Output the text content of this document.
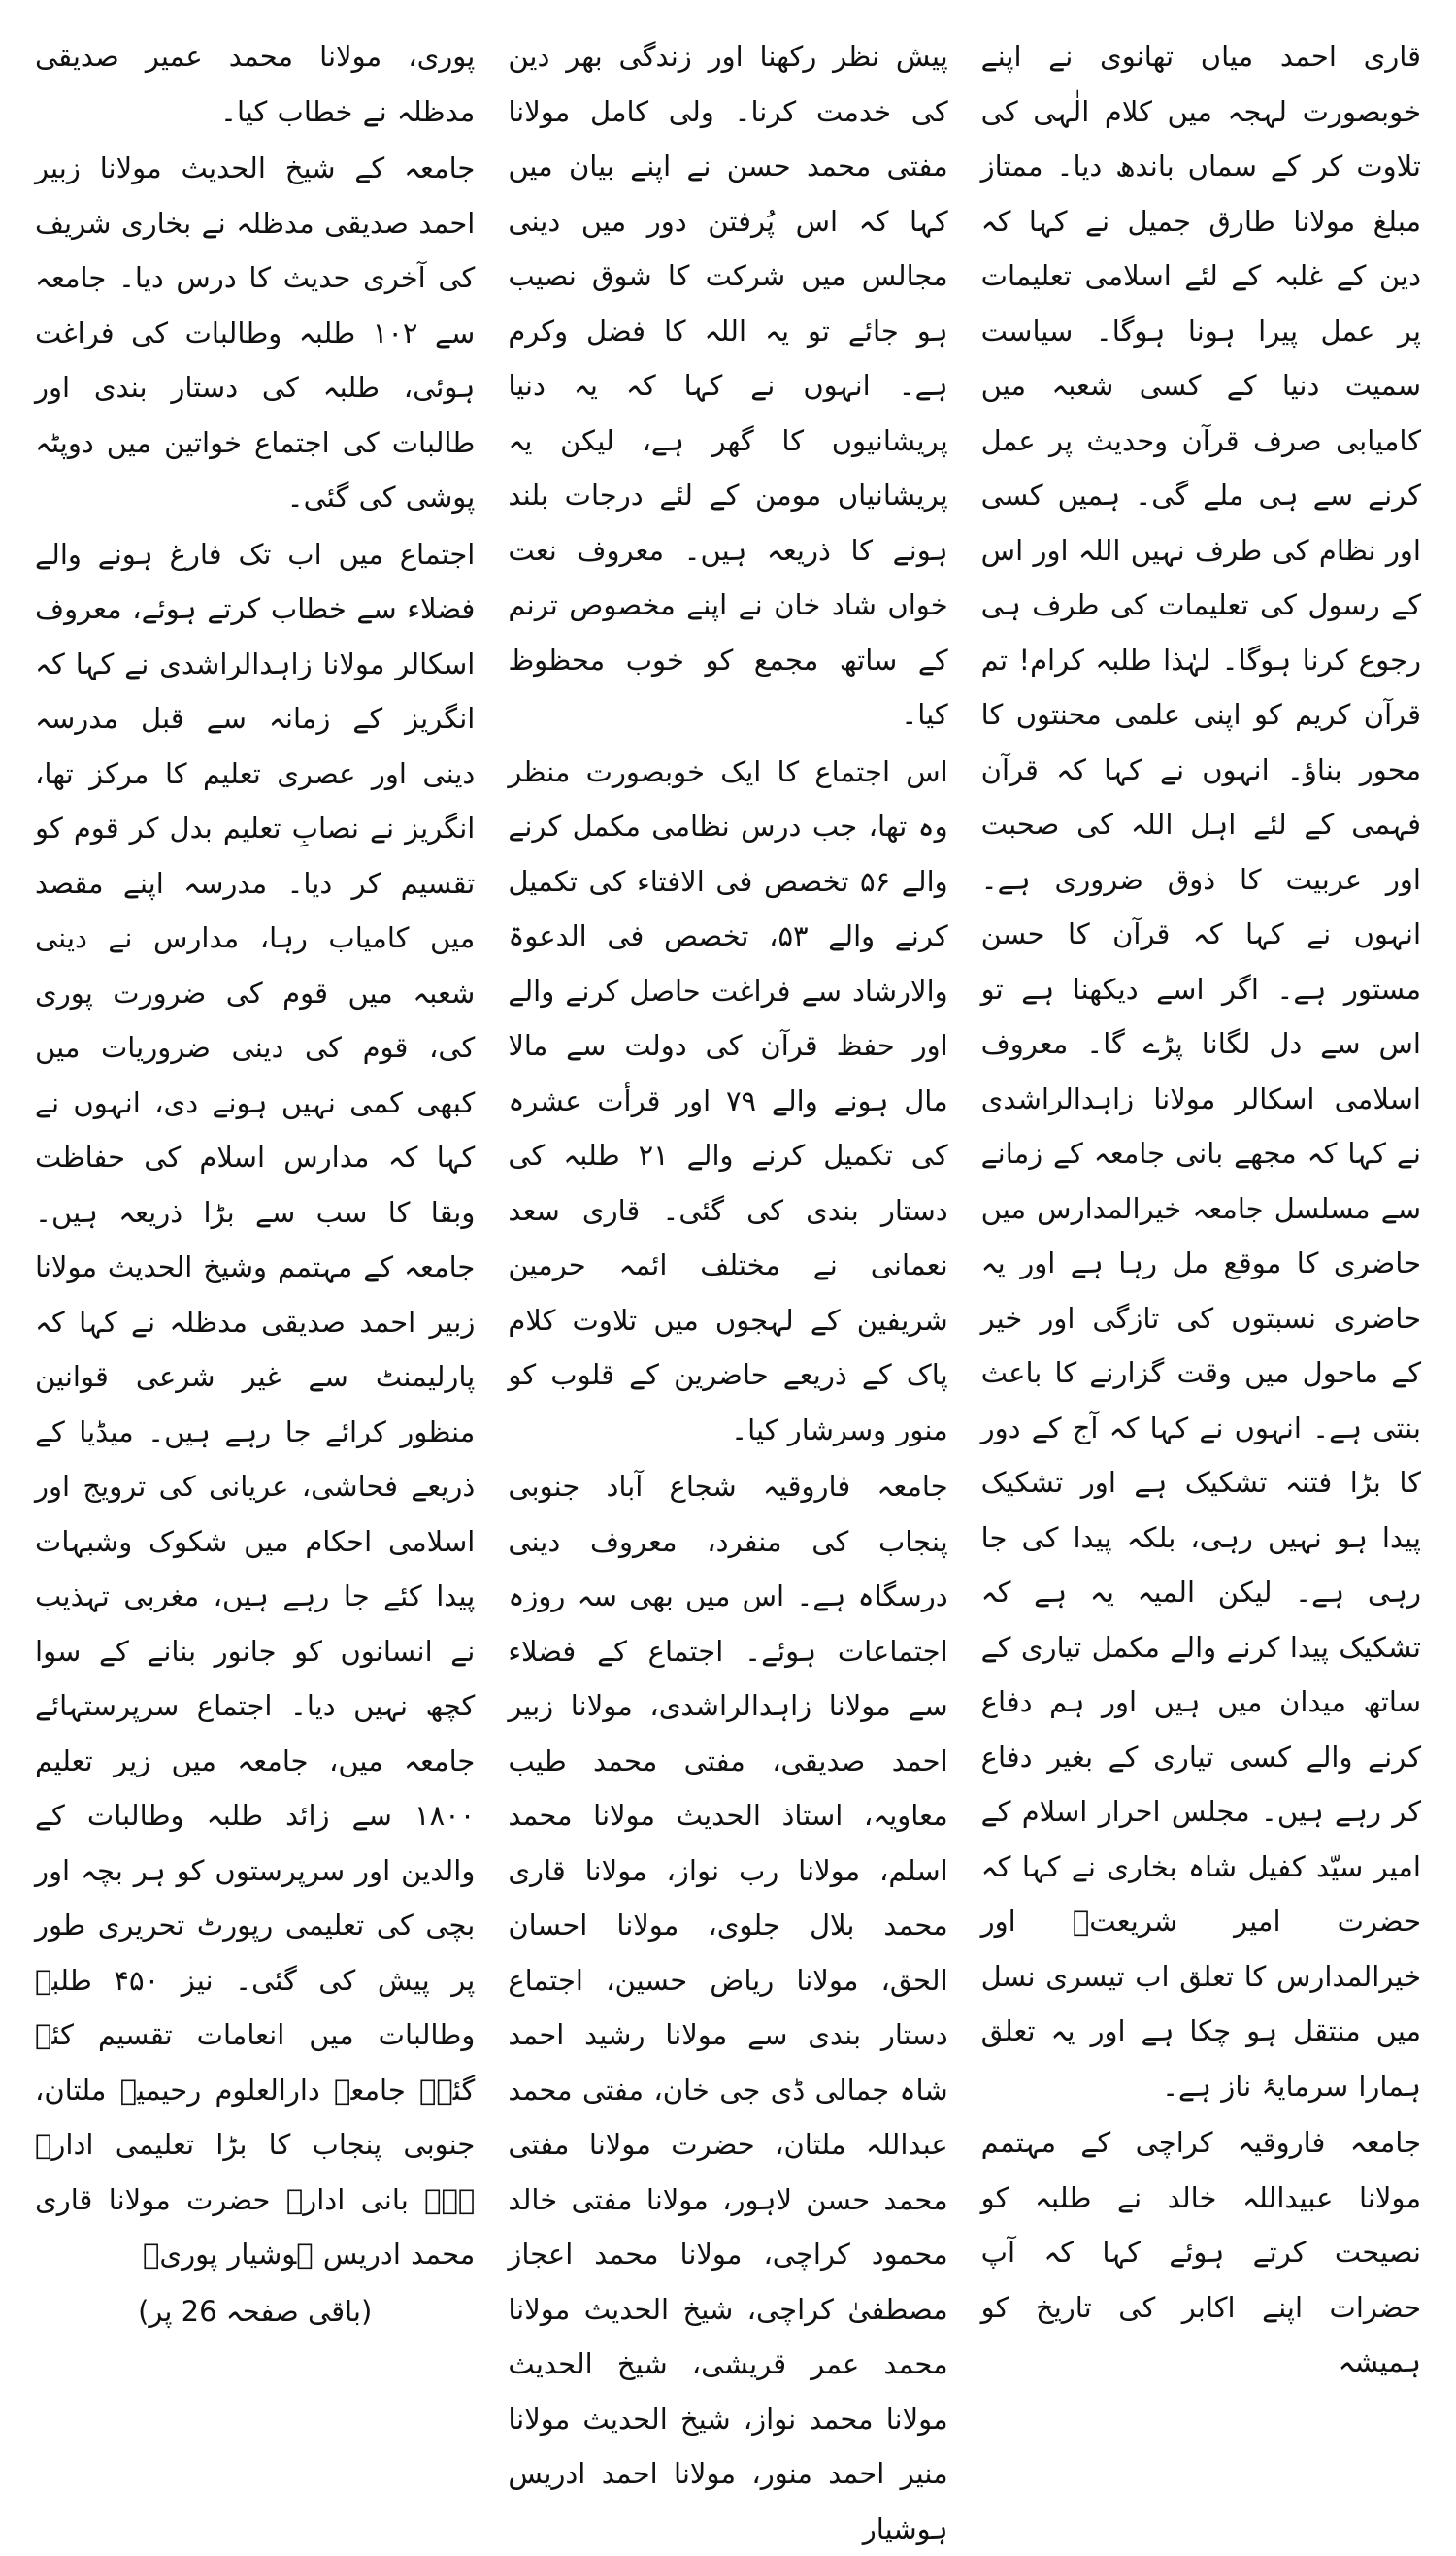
قاری احمد میاں تھانوی نے اپنے خوبصورت لہجہ میں کلام الٰہی کی تلاوت کر کے سماں باندھ دیا۔ ممتاز مبلغ مولانا طارق جمیل نے کہا کہ دین کے غلبہ کے لئے اسلامی تعلیمات پر عمل پیرا ہونا ہوگا۔ سیاست سمیت دنیا کے کسی شعبہ میں کامیابی صرف قرآن وحدیث پر عمل کرنے سے ہی ملے گی۔ ہمیں کسی اور نظام کی طرف نہیں اللہ اور اس کے رسول کی تعلیمات کی طرف ہی رجوع کرنا ہوگا۔ لہٰذا طلبہ کرام! تم قرآن کریم کو اپنی علمی محنتوں کا محور بناؤ۔ انہوں نے کہا کہ قرآن فہمی کے لئے اہل اللہ کی صحبت اور عربیت کا ذوق ضروری ہے۔ انہوں نے کہا کہ قرآن کا حسن مستور ہے۔ اگر اسے دیکھنا ہے تو اس سے دل لگانا پڑے گا۔ معروف اسلامی اسکالر مولانا زاہدالراشدی نے کہا کہ مجھے بانی جامعہ کے زمانے سے مسلسل جامعہ خیرالمدارس میں حاضری کا موقع مل رہا ہے اور یہ حاضری نسبتوں کی تازگی اور خیر کے ماحول میں وقت گزارنے کا باعث بنتی ہے۔ انہوں نے کہا کہ آج کے دور کا بڑا فتنہ تشکیک ہے اور تشکیک پیدا ہو نہیں رہی، بلکہ پیدا کی جا رہی ہے۔ لیکن المیہ یہ ہے کہ تشکیک پیدا کرنے والے مکمل تیاری کے ساتھ میدان میں ہیں اور ہم دفاع کرنے والے کسی تیاری کے بغیر دفاع کر رہے ہیں۔ مجلس احرار اسلام کے امیر سیّد کفیل شاہ بخاری نے کہا کہ حضرت امیر شریعتؒ اور خیرالمدارس کا تعلق اب تیسری نسل میں منتقل ہو چکا ہے اور یہ تعلق ہمارا سرمایۂ ناز ہے۔

جامعہ فاروقیہ کراچی کے مہتمم مولانا عبیداللہ خالد نے طلبہ کو نصیحت کرتے ہوئے کہا کہ آپ حضرات اپنے اکابر کی تاریخ کو ہمیشہ

پیش نظر رکھنا اور زندگی بھر دین کی خدمت کرنا۔ ولی کامل مولانا مفتی محمد حسن نے اپنے بیان میں کہا کہ اس پُرفتن دور میں دینی مجالس میں شرکت کا شوق نصیب ہو جائے تو یہ اللہ کا فضل وکرم ہے۔ انہوں نے کہا کہ یہ دنیا پریشانیوں کا گھر ہے، لیکن یہ پریشانیاں مومن کے لئے درجات بلند ہونے کا ذریعہ ہیں۔ معروف نعت خواں شاد خان نے اپنے مخصوص ترنم کے ساتھ مجمع کو خوب محظوظ کیا۔

اس اجتماع کا ایک خوبصورت منظر وہ تھا، جب درس نظامی مکمل کرنے والے ۵۶ تخصص فی الافتاء کی تکمیل کرنے والے ۵۳، تخصص فی الدعوۃ والارشاد سے فراغت حاصل کرنے والے اور حفظ قرآن کی دولت سے مالا مال ہونے والے ۷۹ اور قرأت عشرہ کی تکمیل کرنے والے ۲۱ طلبہ کی دستار بندی کی گئی۔ قاری سعد نعمانی نے مختلف ائمہ حرمین شریفین کے لہجوں میں تلاوت کلام پاک کے ذریعے حاضرین کے قلوب کو منور وسرشار کیا۔

جامعہ فاروقیہ شجاع آباد جنوبی پنجاب کی منفرد، معروف دینی درسگاہ ہے۔ اس میں بھی سہ روزہ اجتماعات ہوئے۔ اجتماع کے فضلاء سے مولانا زاہدالراشدی، مولانا زبیر احمد صدیقی، مفتی محمد طیب معاویہ، استاذ الحدیث مولانا محمد اسلم، مولانا رب نواز، مولانا قاری محمد بلال جلوی، مولانا احسان الحق، مولانا ریاض حسین، اجتماع دستار بندی سے مولانا رشید احمد شاہ جمالی ڈی جی خان، مفتی محمد عبداللہ ملتان، حضرت مولانا مفتی محمد حسن لاہور، مولانا مفتی خالد محمود کراچی، مولانا محمد اعجاز مصطفیٰ کراچی، شیخ الحدیث مولانا محمد عمر قریشی، شیخ الحدیث مولانا محمد نواز، شیخ الحدیث مولانا منیر احمد منور، مولانا احمد ادریس ہوشیار

پوری، مولانا محمد عمیر صدیقی مدظلہ نے خطاب کیا۔

جامعہ کے شیخ الحدیث مولانا زبیر احمد صدیقی مدظلہ نے بخاری شریف کی آخری حدیث کا درس دیا۔ جامعہ سے ۱۰۲ طلبہ وطالبات کی فراغت ہوئی، طلبہ کی دستار بندی اور طالبات کی اجتماع خواتین میں دوپٹہ پوشی کی گئی۔

اجتماع میں اب تک فارغ ہونے والے فضلاء سے خطاب کرتے ہوئے، معروف اسکالر مولانا زاہدالراشدی نے کہا کہ انگریز کے زمانہ سے قبل مدرسہ دینی اور عصری تعلیم کا مرکز تھا، انگریز نے نصابِ تعلیم بدل کر قوم کو تقسیم کر دیا۔ مدرسہ اپنے مقصد میں کامیاب رہا، مدارس نے دینی شعبہ میں قوم کی ضرورت پوری کی، قوم کی دینی ضروریات میں کبھی کمی نہیں ہونے دی، انہوں نے کہا کہ مدارس اسلام کی حفاظت وبقا کا سب سے بڑا ذریعہ ہیں۔ جامعہ کے مہتمم وشیخ الحدیث مولانا زبیر احمد صدیقی مدظلہ نے کہا کہ پارلیمنٹ سے غیر شرعی قوانین منظور کرائے جا رہے ہیں۔ میڈیا کے ذریعے فحاشی، عریانی کی ترویج اور اسلامی احکام میں شکوک وشبہات پیدا کئے جا رہے ہیں، مغربی تہذیب نے انسانوں کو جانور بنانے کے سوا کچھ نہیں دیا۔ اجتماع سرپرستہائے جامعہ میں، جامعہ میں زیر تعلیم ۱۸۰۰ سے زائد طلبہ وطالبات کے والدین اور سرپرستوں کو ہر بچہ اور بچی کی تعلیمی رپورٹ تحریری طور پر پیش کی گئی۔ نیز ۴۵۰ طلبہ وطالبات میں انعامات تقسیم کئے گئے۔ جامعہ دارالعلوم رحیمیہ ملتان، جنوبی پنجاب کا بڑا تعلیمی ادارہ ہے۔ بانی ادارہ حضرت مولانا قاری محمد ادریس ہوشیار پوریؒ

(باقی صفحہ 26 پر)
